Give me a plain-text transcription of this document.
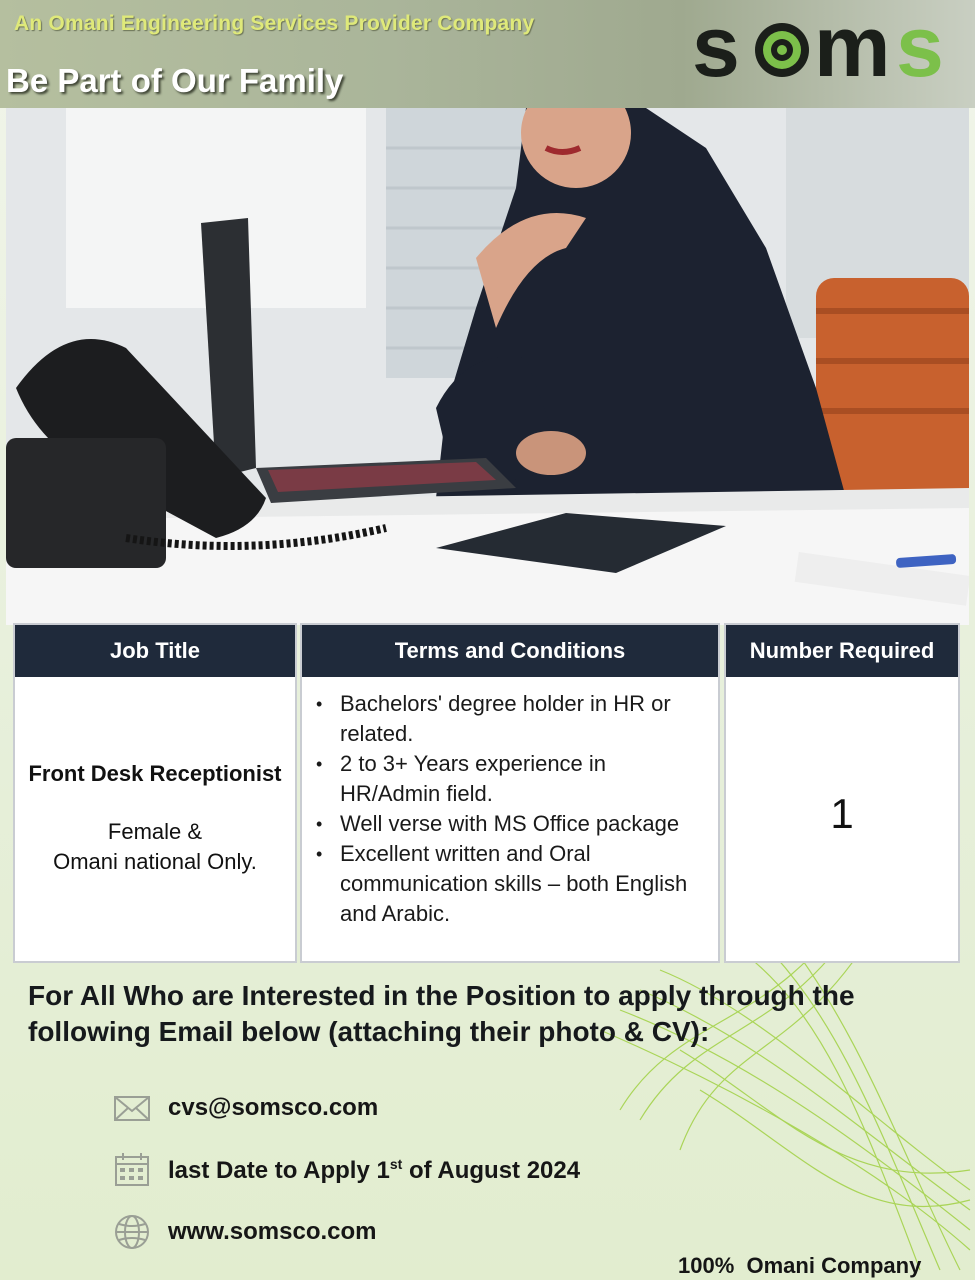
An Omani Engineering Services Provider Company
Be Part of Our Family	s m s
Job Title
Front Desk Receptionist
Female &
Omani national Only.
Terms and Conditions
• Bachelors' degree holder in HR or related.
• 2 to 3+ Years experience in HR/Admin field.
• Well verse with MS Office package
• Excellent written and Oral communication skills – both English and Arabic.
Number Required
1
For All Who are Interested in the Position to apply through the following Email below (attaching their photo & CV):
cvs@somsco.com
last Date to Apply 1st of August 2024
www.somsco.com
100%  Omani Company
